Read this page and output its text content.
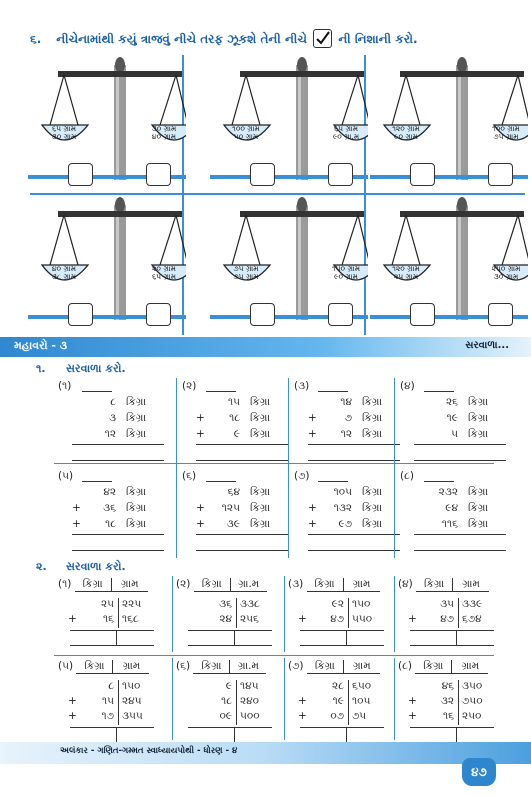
૬. નીચેનામાંથી કયું ત્રાજવું નીચે તરફ ઝૂકશે તેની નીચે	ની નિશાની કરો.
૬૫ ગ્રામ
૩૦ ગ્રામ
૩૦ ગ્રામ
૪૦ ગ્રામ
૧૦૦ ગ્રામ
૫૦ ગ્રામ
૬૫ ગ્રામ
૯૦ ગ્રા.મ
૧૨૦ ગ્રામ
૯૦ ગ્રામ
૧૦૦ ગ્રામ
૭૫ ગ્રામ
૪૦ ગ્રામ
૩૮ ગ્રામ
૨૦ ગ્રામ
૬૫ ગ્રામ
૭૫ ગ્રામ
૭૫ ગ્રામ
૧૫૦ ગ્રામ
૯૦ ગ્રામ
૧૨૦ ગ્રામ
૨૫ ગ્રામ
૨૫૦ ગ્રામ
૩૦ ગ્રામ
મહાવરો - ૩	સરવાળા...
૧. સરવાળા કરો.
(૧)
૮ કિગ્રા
૩ કિગ્રા
૧૨ કિગ્રા
(૨)
૧૫ કિગ્રા
+ ૧૮ કિગ્રા
+	૯ કિગ્રા
(૩)
૧૪ કિગ્રા
+	૭ કિગ્રા
+ ૧૨ કિગ્રા
(૪)
૨૬ કિગ્રા
૧૯ કિગ્રા
૫ કિગ્રા
(૫)
૪૨ કિગ્રા
+ ૩૬ કિગ્રા
+ ૧૮ કિગ્રા
(૬)
૬૪ કિગ્રા
+ ૧૨૫ કિગ્રા
+ ૩૯ કિગ્રા
(૭)
૧૦૫ કિગ્રા
+ ૧૩૨ કિગ્રા
+ ૯૭ કિગ્રા
(૮)
૨૩૨ કિગ્રા
૯૪ કિગ્રા
૧૧૬ કિગ્રા
૨. સરવાળા કરો.
(૧) કિગ્રા ગ્રામ
૨૫ ૨૨૫
+	૧૬ ૧૬૮
(૨) કિગ્રા ગ્રા.મ
૩૬ ૩૩૮
૨૪ ૨૫૬
(૩) કિગ્રા ગ્રામ
૯૨ ૧૫૦
+	૪૭ ૫૫૦
(૪) કિગ્રા ગ્રામ
૩૫ ૩૩૯
+	૪૭ ૬૭૪
(૫) કિગ્રા ગ્રામ
૮ ૧૫૦
+	૧૫ ૨૪૫
+	૧૭ ૩૫૫
(૬) કિગ્રા ગ્રા.મ
૯ ૧૪૫
૧૮ ૨૪૦
૦૯ ૫૦૦
(૭) કિગ્રા ગ્રામ
૨૮ ૬૫૦
+	૧૯ ૧૦૫
+	૦૭ ૭૫
(૮) કિગ્રા ગ્રામ
૪૬ ૩૫૦
+	૩૨ ૭૫૦
+	૧૬ ૨૫૦
અલંકાર - ગણિત-ગમ્મત સ્વાધ્યાયપોથી - ધોરણ - ૪
૪૭
